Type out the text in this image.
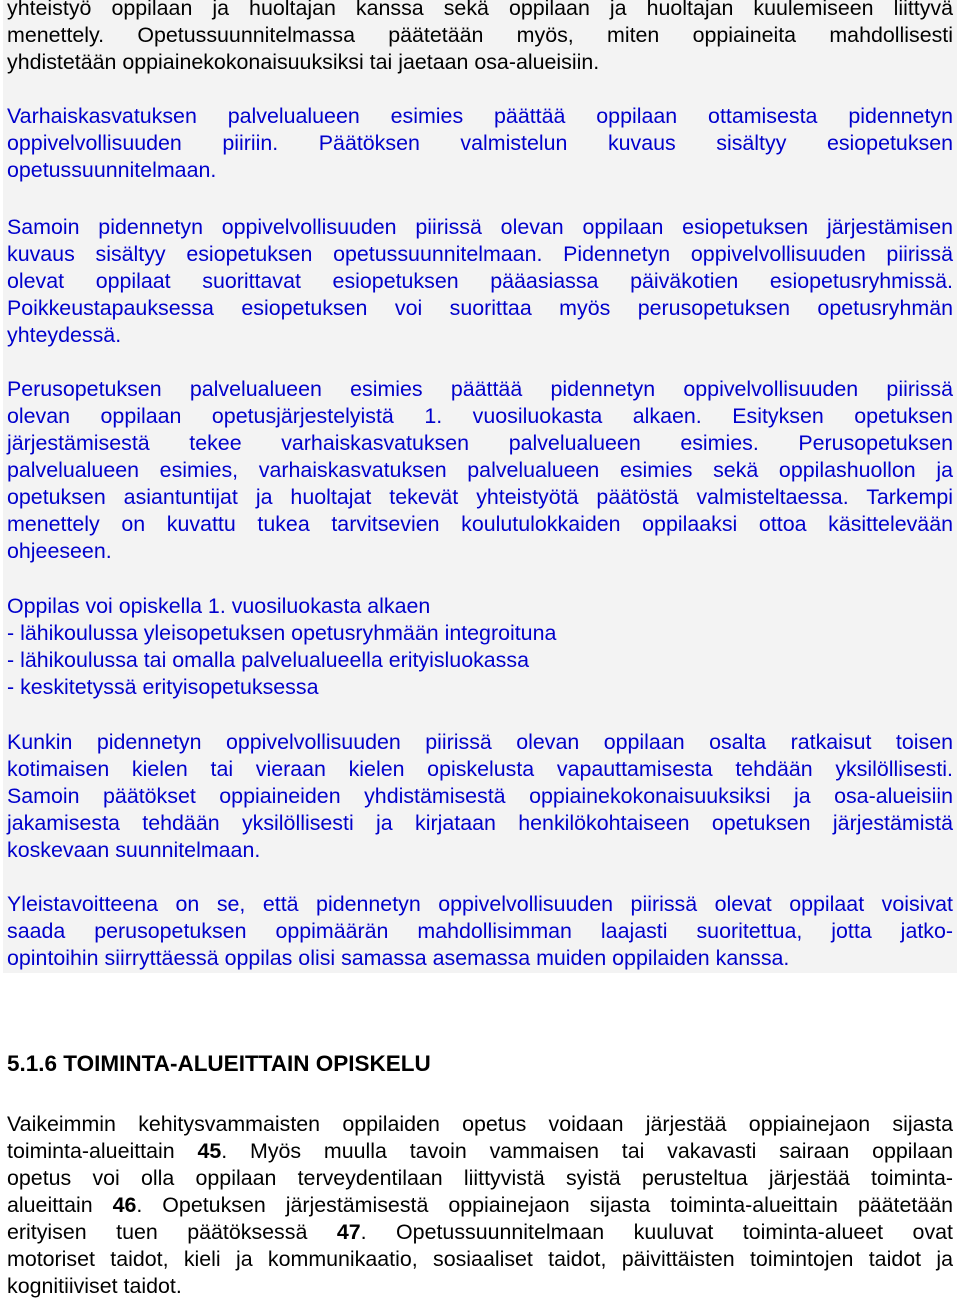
yhteistyö oppilaan ja huoltajan kanssa sekä oppilaan ja huoltajan kuulemiseen liittyvä
menettely. Opetussuunnitelmassa päätetään myös, miten oppiaineita mahdollisesti
yhdistetään oppiainekokonaisuuksiksi tai jaetaan osa-alueisiin.
Varhaiskasvatuksen palvelualueen esimies päättää oppilaan ottamisesta pidennetyn
oppivelvollisuuden piiriin. Päätöksen valmistelun kuvaus sisältyy esiopetuksen
opetussuunnitelmaan.
Samoin pidennetyn oppivelvollisuuden piirissä olevan oppilaan esiopetuksen järjestämisen
kuvaus sisältyy esiopetuksen opetussuunnitelmaan. Pidennetyn oppivelvollisuuden piirissä
olevat oppilaat suorittavat esiopetuksen pääasiassa päiväkotien esiopetusryhmissä.
Poikkeustapauksessa esiopetuksen voi suorittaa myös perusopetuksen opetusryhmän
yhteydessä.
Perusopetuksen palvelualueen esimies päättää pidennetyn oppivelvollisuuden piirissä
olevan oppilaan opetusjärjestelyistä 1. vuosiluokasta alkaen. Esityksen opetuksen
järjestämisestä tekee varhaiskasvatuksen palvelualueen esimies. Perusopetuksen
palvelualueen esimies, varhaiskasvatuksen palvelualueen esimies sekä oppilashuollon ja
opetuksen asiantuntijat ja huoltajat tekevät yhteistyötä päätöstä valmisteltaessa. Tarkempi
menettely on kuvattu tukea tarvitsevien koulutulokkaiden oppilaaksi ottoa käsittelevään
ohjeeseen.
Oppilas voi opiskella 1. vuosiluokasta alkaen
- lähikoulussa yleisopetuksen opetusryhmään integroituna
- lähikoulussa tai omalla palvelualueella erityisluokassa
- keskitetyssä erityisopetuksessa
Kunkin pidennetyn oppivelvollisuuden piirissä olevan oppilaan osalta ratkaisut toisen
kotimaisen kielen tai vieraan kielen opiskelusta vapauttamisesta tehdään yksilöllisesti.
Samoin päätökset oppiaineiden yhdistämisestä oppiainekokonaisuuksiksi ja osa-alueisiin
jakamisesta tehdään yksilöllisesti ja kirjataan henkilökohtaiseen opetuksen järjestämistä
koskevaan suunnitelmaan.
Yleistavoitteena on se, että pidennetyn oppivelvollisuuden piirissä olevat oppilaat voisivat
saada perusopetuksen oppimäärän mahdollisimman laajasti suoritettua, jotta jatko-
opintoihin siirryttäessä oppilas olisi samassa asemassa muiden oppilaiden kanssa.
5.1.6 TOIMINTA-ALUEITTAIN OPISKELU
Vaikeimmin kehitysvammaisten oppilaiden opetus voidaan järjestää oppiainejaon sijasta
toiminta-alueittain 45. Myös muulla tavoin vammaisen tai vakavasti sairaan oppilaan
opetus voi olla oppilaan terveydentilaan liittyvistä syistä perusteltua järjestää toiminta-
alueittain 46. Opetuksen järjestämisestä oppiainejaon sijasta toiminta-alueittain päätetään
erityisen tuen päätöksessä 47. Opetussuunnitelmaan kuuluvat toiminta-alueet ovat
motoriset taidot, kieli ja kommunikaatio, sosiaaliset taidot, päivittäisten toimintojen taidot ja
kognitiiviset taidot.
